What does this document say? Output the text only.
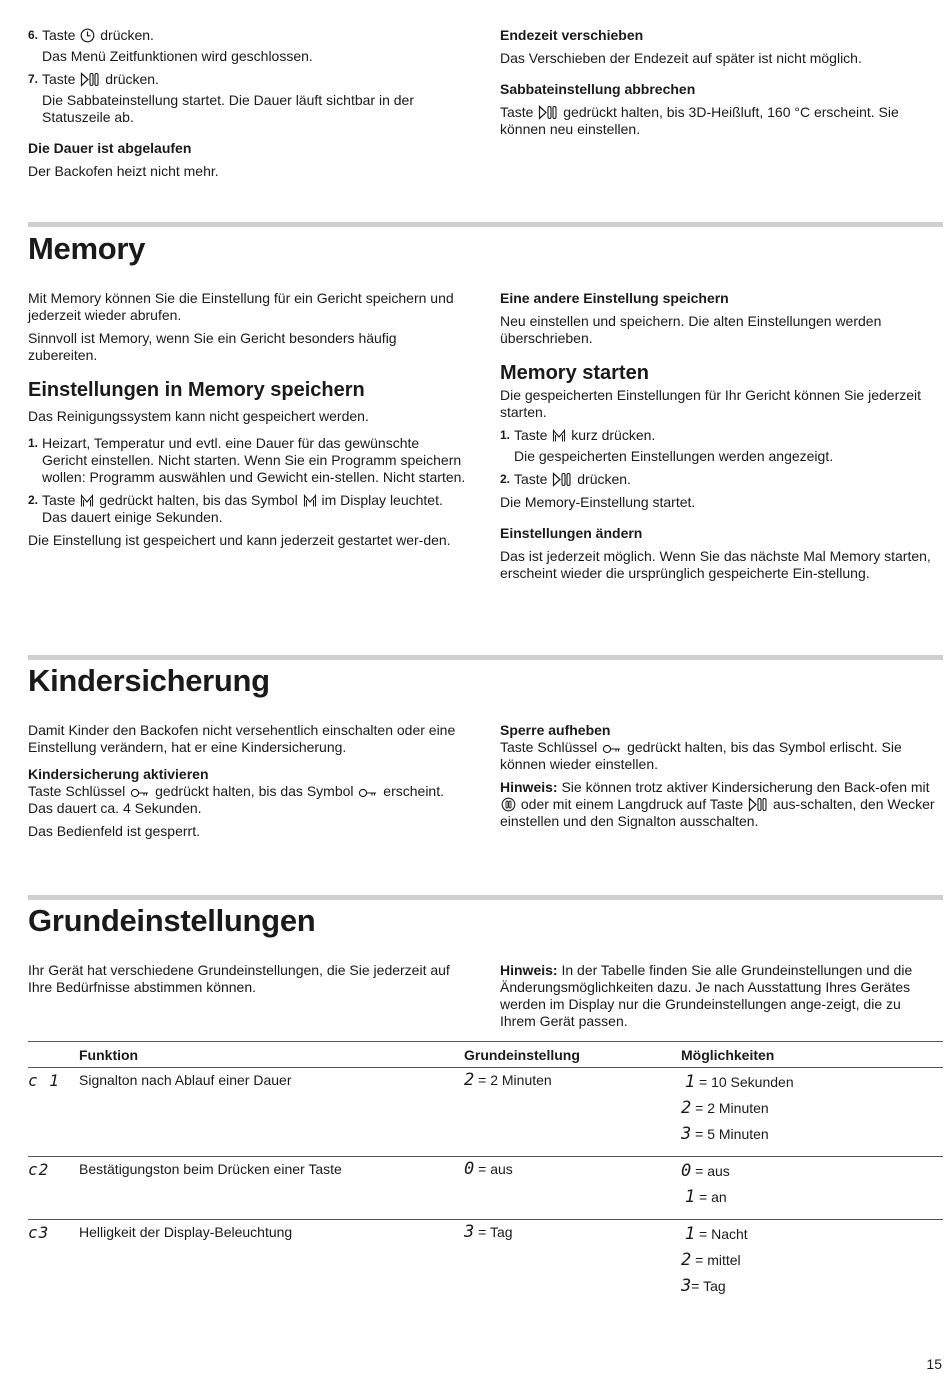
6. Taste drücken.
Das Menü Zeitfunktionen wird geschlossen.
7. Taste drücken.
Die Sabbateinstellung startet. Die Dauer läuft sichtbar in der Statuszeile ab.

Die Dauer ist abgelaufen

Der Backofen heizt nicht mehr.

Endezeit verschieben

Das Verschieben der Endezeit auf später ist nicht möglich.

Sabbateinstellung abbrechen

Taste gedrückt halten, bis 3D-Heißluft, 160 °C erscheint. Sie können neu einstellen.

Memory

Mit Memory können Sie die Einstellung für ein Gericht speichern und jederzeit wieder abrufen.

Sinnvoll ist Memory, wenn Sie ein Gericht besonders häufig zubereiten.

Einstellungen in Memory speichern

Das Reinigungssystem kann nicht gespeichert werden.

1. Heizart, Temperatur und evtl. eine Dauer für das gewünschte Gericht einstellen. Nicht starten. Wenn Sie ein Programm speichern wollen: Programm auswählen und Gewicht ein-stellen. Nicht starten.
2. Taste gedrückt halten, bis das Symbol im Display leuchtet. Das dauert einige Sekunden.

Die Einstellung ist gespeichert und kann jederzeit gestartet wer-den.

Eine andere Einstellung speichern

Neu einstellen und speichern. Die alten Einstellungen werden überschrieben.

Memory starten

Die gespeicherten Einstellungen für Ihr Gericht können Sie jederzeit starten.

1. Taste kurz drücken.
Die gespeicherten Einstellungen werden angezeigt.
2. Taste drücken.

Die Memory-Einstellung startet.

Einstellungen ändern

Das ist jederzeit möglich. Wenn Sie das nächste Mal Memory starten, erscheint wieder die ursprünglich gespeicherte Ein-stellung.

Kindersicherung

Damit Kinder den Backofen nicht versehentlich einschalten oder eine Einstellung verändern, hat er eine Kindersicherung.

Kindersicherung aktivieren

Taste Schlüssel gedrückt halten, bis das Symbol erscheint. Das dauert ca. 4 Sekunden.

Das Bedienfeld ist gesperrt.

Sperre aufheben

Taste Schlüssel gedrückt halten, bis das Symbol erlischt. Sie können wieder einstellen.

Hinweis: Sie können trotz aktiver Kindersicherung den Back-ofen mit  oder mit einem Langdruck auf Taste aus-schalten, den Wecker einstellen und den Signalton ausschalten.

Grundeinstellungen

Ihr Gerät hat verschiedene Grundeinstellungen, die Sie jederzeit auf Ihre Bedürfnisse abstimmen können.

Hinweis: In der Tabelle finden Sie alle Grundeinstellungen und die Änderungsmöglichkeiten dazu. Je nach Ausstattung Ihres Gerätes werden im Display nur die Grundeinstellungen ange-zeigt, die zu Ihrem Gerät passen.

	Funktion	Grundeinstellung	Möglichkeiten
c 1	Signalton nach Ablauf einer Dauer	2 = 2 Minuten	1 = 10 Sekunden
2 = 2 Minuten
3 = 5 Minuten

c2	Bestätigungston beim Drücken einer Taste	0 = aus	0 = aus
1 = an

c3	Helligkeit der Display-Beleuchtung	3 = Tag	1 = Nacht
2 = mittel
3= Tag
15
